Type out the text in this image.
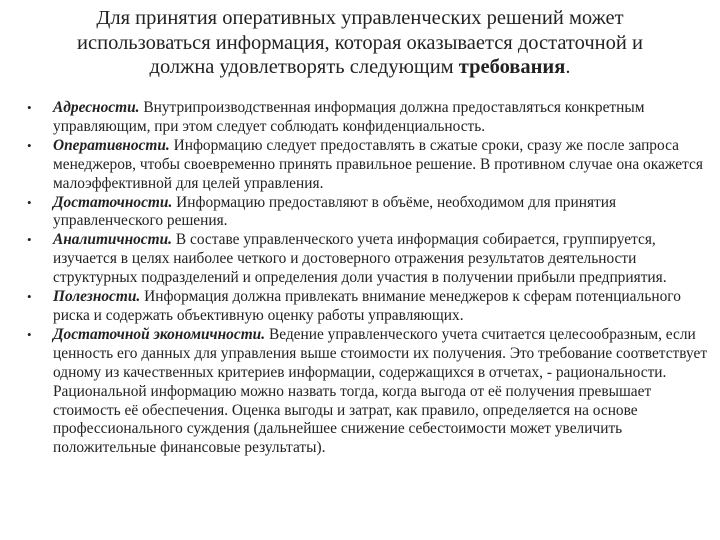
Для принятия оперативных управленческих решений может
использоваться информация, которая оказывается достаточной и
должна удовлетворять следующим требования.
• Адресности. Внутрипроизводственная информация должна предоставляться конкретным управляющим, при этом следует соблюдать конфиденциальность.
• Оперативности. Информацию следует предоставлять в сжатые сроки, сразу же после запроса менеджеров, чтобы своевременно принять правильное решение. В противном случае она окажется малоэффективной для целей управления.
• Достаточности. Информацию предоставляют в объёме, необходимом для принятия управленческого решения.
• Аналитичности. В составе управленческого учета информация собирается, группируется, изучается в целях наиболее четкого и достоверного отражения результатов деятельности структурных подразделений и определения доли участия в получении прибыли предприятия.
• Полезности. Информация должна привлекать внимание менеджеров к сферам потенциального риска и содержать объективную оценку работы управляющих.
• Достаточной экономичности. Ведение управленческого учета считается целесообразным, если ценность его данных для управления выше стоимости их получения. Это требование соответствует одному из качественных критериев информации, содержащихся в отчетах, - рациональности. Рациональной информацию можно назвать тогда, когда выгода от её получения превышает стоимость её обеспечения. Оценка выгоды и затрат, как правило, определяется на основе профессионального суждения (дальнейшее снижение себестоимости может увеличить положительные финансовые результаты).
